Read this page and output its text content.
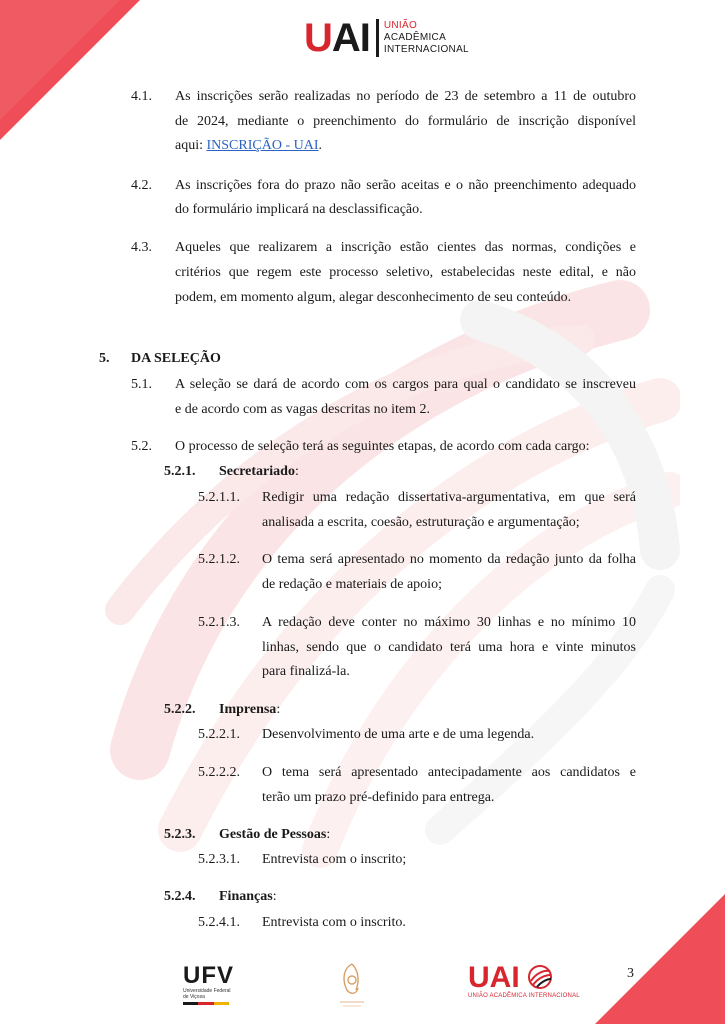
U AI UNIÃO
ACADÊMICA
INTERNACIONAL
4.1. As inscrições serão realizadas no período de 23 de setembro a 11 de outubro
de 2024, mediante o preenchimento do formulário de inscrição disponível
aqui: INSCRIÇÃO - UAI.
4.2. As inscrições fora do prazo não serão aceitas e o não preenchimento adequado
do formulário implicará na desclassificação.
4.3. Aqueles que realizarem a inscrição estão cientes das normas, condições e
critérios que regem este processo seletivo, estabelecidas neste edital, e não
podem, em momento algum, alegar desconhecimento de seu conteúdo.
5. DA SELEÇÃO
5.1. A seleção se dará de acordo com os cargos para qual o candidato se inscreveu
e de acordo com as vagas descritas no item 2.
5.2. O processo de seleção terá as seguintes etapas, de acordo com cada cargo:
5.2.1. Secretariado:
5.2.1.1. Redigir uma redação dissertativa-argumentativa, em que será
analisada a escrita, coesão, estruturação e argumentação;
5.2.1.2. O tema será apresentado no momento da redação junto da folha
de redação e materiais de apoio;
5.2.1.3. A redação deve conter no máximo 30 linhas e no mínimo 10
linhas, sendo que o candidato terá uma hora e vinte minutos
para finalizá-la.
5.2.2. Imprensa:
5.2.2.1. Desenvolvimento de uma arte e de uma legenda.
5.2.2.2. O tema será apresentado antecipadamente aos candidatos e
terão um prazo pré-definido para entrega.
5.2.3. Gestão de Pessoas:
5.2.3.1. Entrevista com o inscrito;
5.2.4. Finanças:
5.2.4.1. Entrevista com o inscrito.
UFV
Universidade Federal
de Viçosa
UAI
UNIÃO ACADÊMICA INTERNACIONAL
3
